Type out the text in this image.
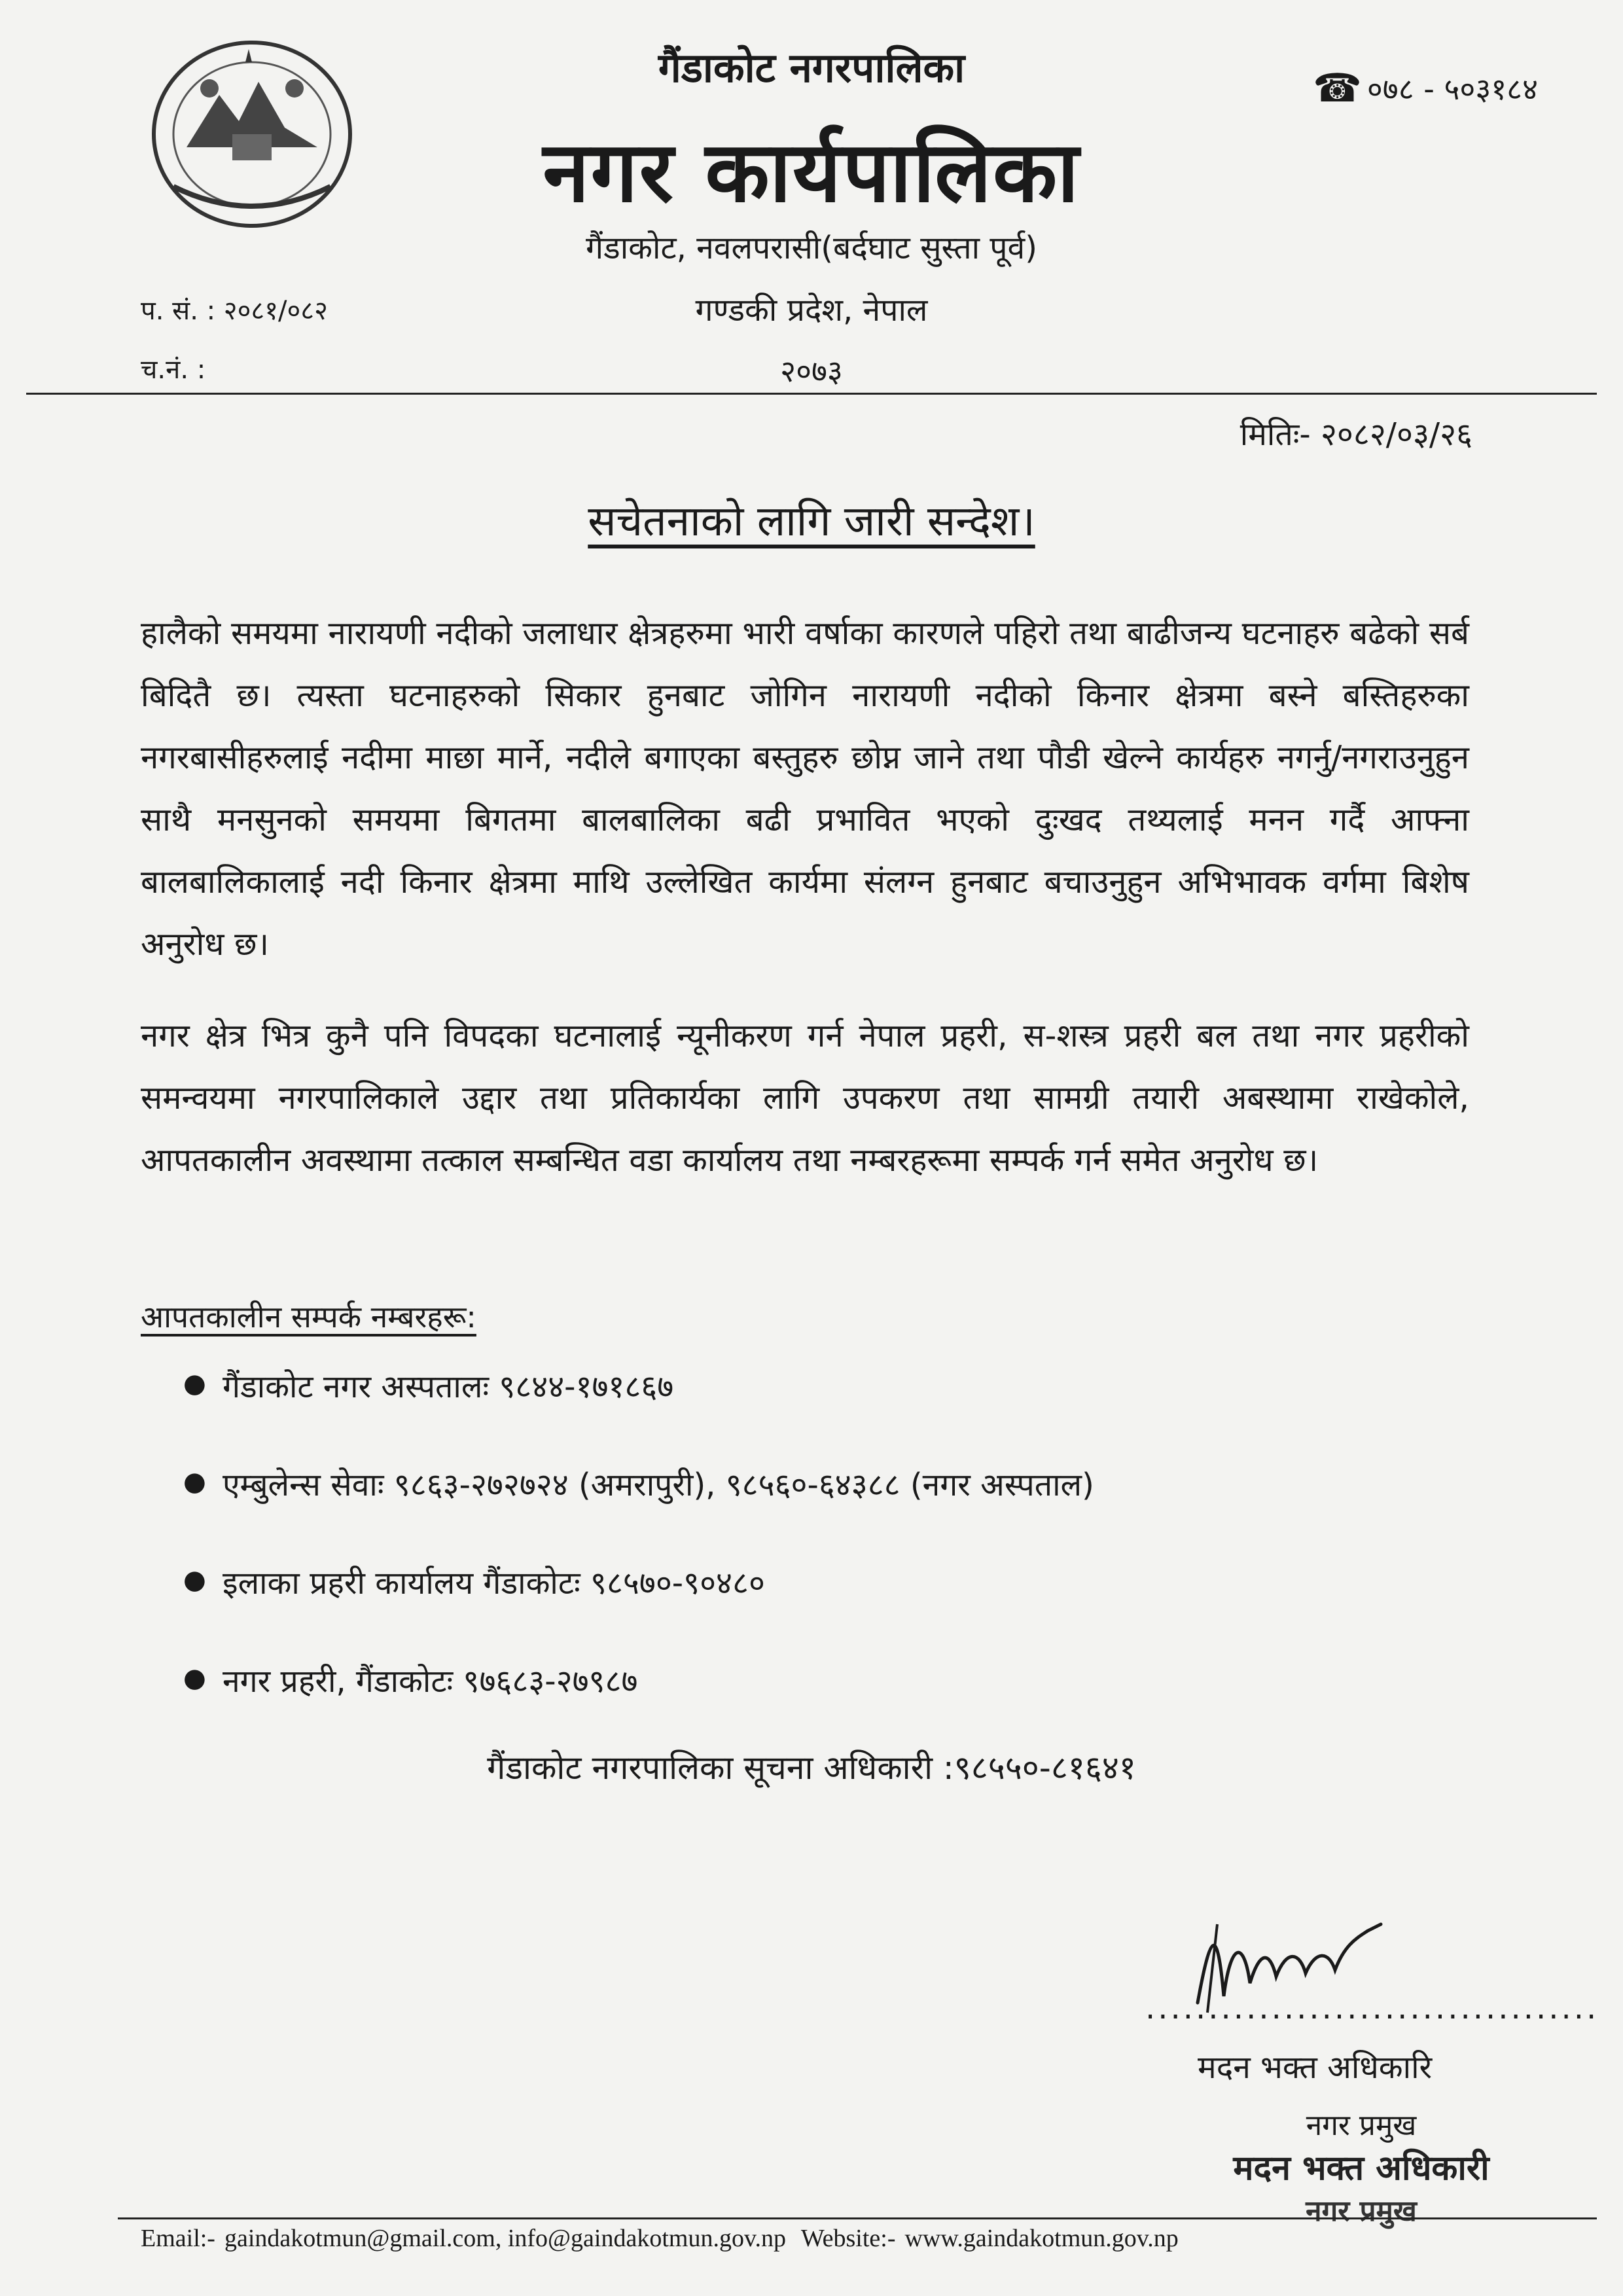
गैंडाकोट नगरपालिका
नगर कार्यपालिका
गैंडाकोट, नवलपरासी(बर्दघाट सुस्ता पूर्व)
गण्डकी प्रदेश, नेपाल
२०७३
☎ ०७८ - ५०३१८४
प. सं. : २०८१/०८२
च.नं. :
मितिः- २०८२/०३/२६
सचेतनाको लागि जारी सन्देश।

हालैको समयमा नारायणी नदीको जलाधार क्षेत्रहरुमा भारी वर्षाका कारणले पहिरो तथा बाढीजन्य घटनाहरु बढेको सर्ब बिदितै छ। त्यस्ता घटनाहरुको सिकार हुनबाट जोगिन नारायणी नदीको किनार क्षेत्रमा बस्ने बस्तिहरुका नगरबासीहरुलाई नदीमा माछा मार्ने, नदीले बगाएका बस्तुहरु छोप्न जाने तथा पौडी खेल्ने कार्यहरु नगर्नु/नगराउनुहुन साथै मनसुनको समयमा बिगतमा बालबालिका बढी प्रभावित भएको दुःखद तथ्यलाई मनन गर्दै आफ्ना बालबालिकालाई नदी किनार क्षेत्रमा माथि उल्लेखित कार्यमा संलग्न हुनबाट बचाउनुहुन अभिभावक वर्गमा बिशेष अनुरोध छ।

नगर क्षेत्र भित्र कुनै पनि विपदका घटनालाई न्यूनीकरण गर्न नेपाल प्रहरी, स-शस्त्र प्रहरी बल तथा नगर प्रहरीको समन्वयमा नगरपालिकाले उद्दार तथा प्रतिकार्यका लागि उपकरण तथा सामग्री तयारी अबस्थामा राखेकोले, आपतकालीन अवस्थामा तत्काल सम्बन्धित वडा कार्यालय तथा नम्बरहरूमा सम्पर्क गर्न समेत अनुरोध छ।

आपतकालीन सम्पर्क नम्बरहरू:
● गैंडाकोट नगर अस्पतालः ९८४४-१७१८६७
● एम्बुलेन्स सेवाः ९८६३-२७२७२४ (अमरापुरी), ९८५६०-६४३८८ (नगर अस्पताल)
● इलाका प्रहरी कार्यालय गैंडाकोटः ९८५७०-९०४८०
● नगर प्रहरी, गैंडाकोटः ९७६८३-२७९८७
गैंडाकोट नगरपालिका सूचना अधिकारी :९८५५०-८१६४१
....................................
मदन भक्त अधिकारि
नगर प्रमुख
मदन भक्त अधिकारी
नगर प्रमुख
Email:- gaindakotmun@gmail.com, info@gaindakotmun.gov.np Website:- www.gaindakotmun.gov.np
